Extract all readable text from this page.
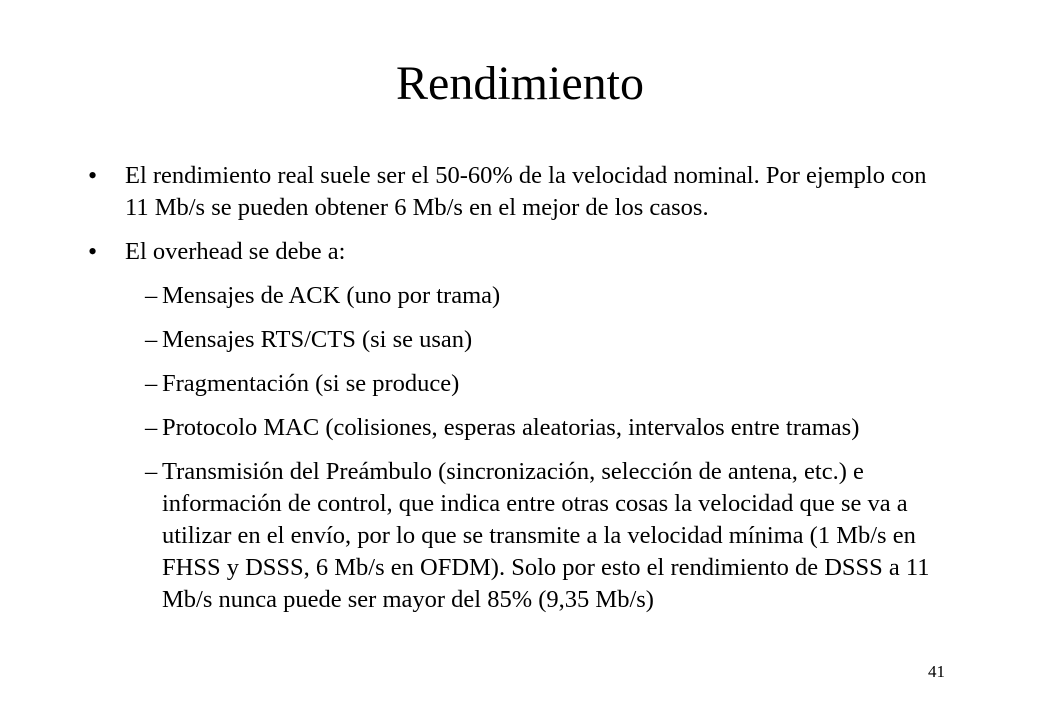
Rendimiento
• El rendimiento real suele ser el 50-60% de la velocidad nominal. Por ejemplo con 11 Mb/s se pueden obtener 6 Mb/s en el mejor de los casos.
• El overhead se debe a:
– Mensajes de ACK (uno por trama)
– Mensajes RTS/CTS (si se usan)
– Fragmentación (si se produce)
– Protocolo MAC (colisiones, esperas aleatorias, intervalos entre tramas)
– Transmisión del Preámbulo (sincronización, selección de antena, etc.) e información de control, que indica entre otras cosas la velocidad que se va a utilizar en el envío, por lo que se transmite a la velocidad mínima (1 Mb/s en FHSS y DSSS, 6 Mb/s en OFDM). Solo por esto el rendimiento de DSSS a 11 Mb/s nunca puede ser mayor del 85% (9,35 Mb/s)
41
